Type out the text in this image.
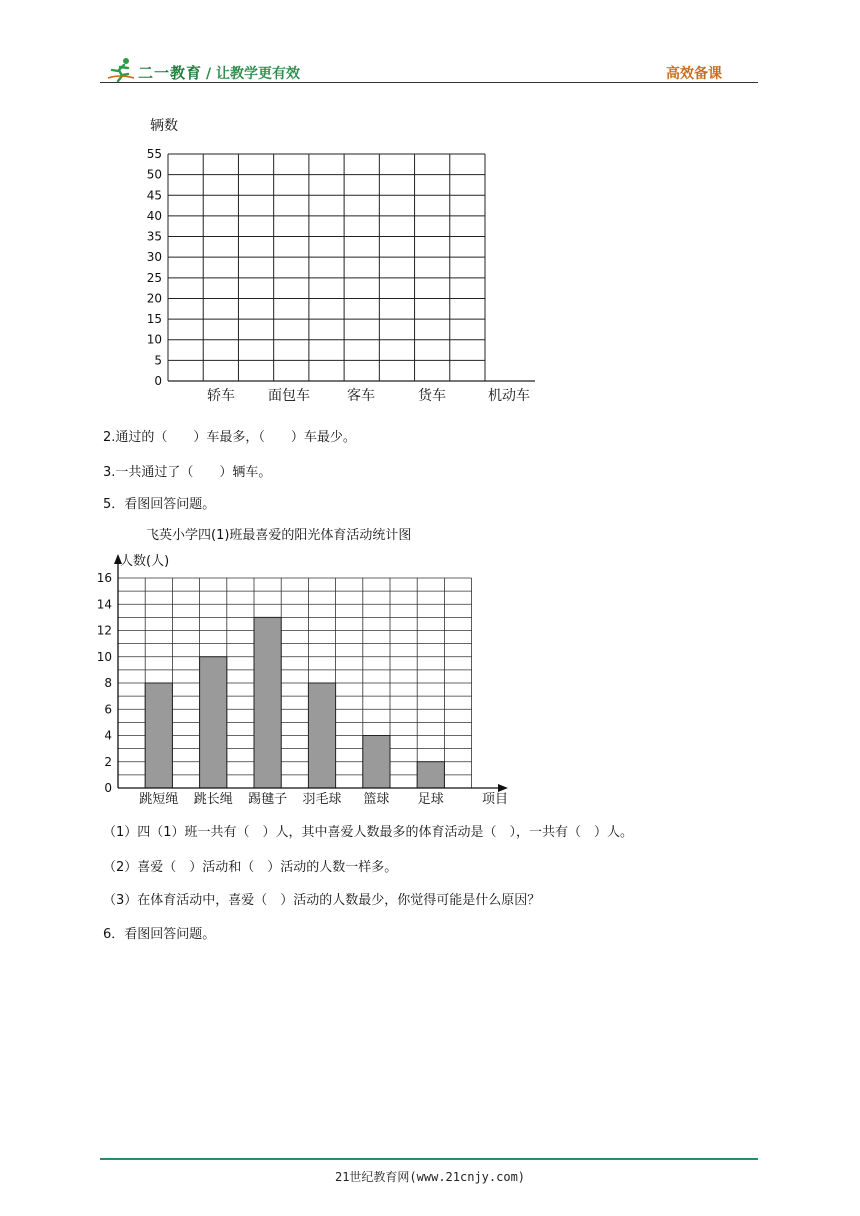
二一教育 / 让教学更有效	高效备课
辆数
0
5
10
15
20
25
30
35
40
45
50
55
轿车 面包车	客车	货车	机动车
2.通过的（　　）车最多，（　　）车最少。
3.一共通过了（　　）辆车。
5．看图回答问题。
飞英小学四(1)班最喜爱的阳光体育活动统计图
人数(人)
项目
0
2
4
6
8
10
12
14
16
跳短绳 跳长绳 踢毽子 羽毛球 篮球 足球
（1）四（1）班一共有（　）人，其中喜爱人数最多的体育活动是（　），一共有（　）人。
（2）喜爱（　）活动和（　）活动的人数一样多。
（3）在体育活动中，喜爱（　）活动的人数最少，你觉得可能是什么原因？
6．看图回答问题。
21世纪教育网(www.21cnjy.com)
